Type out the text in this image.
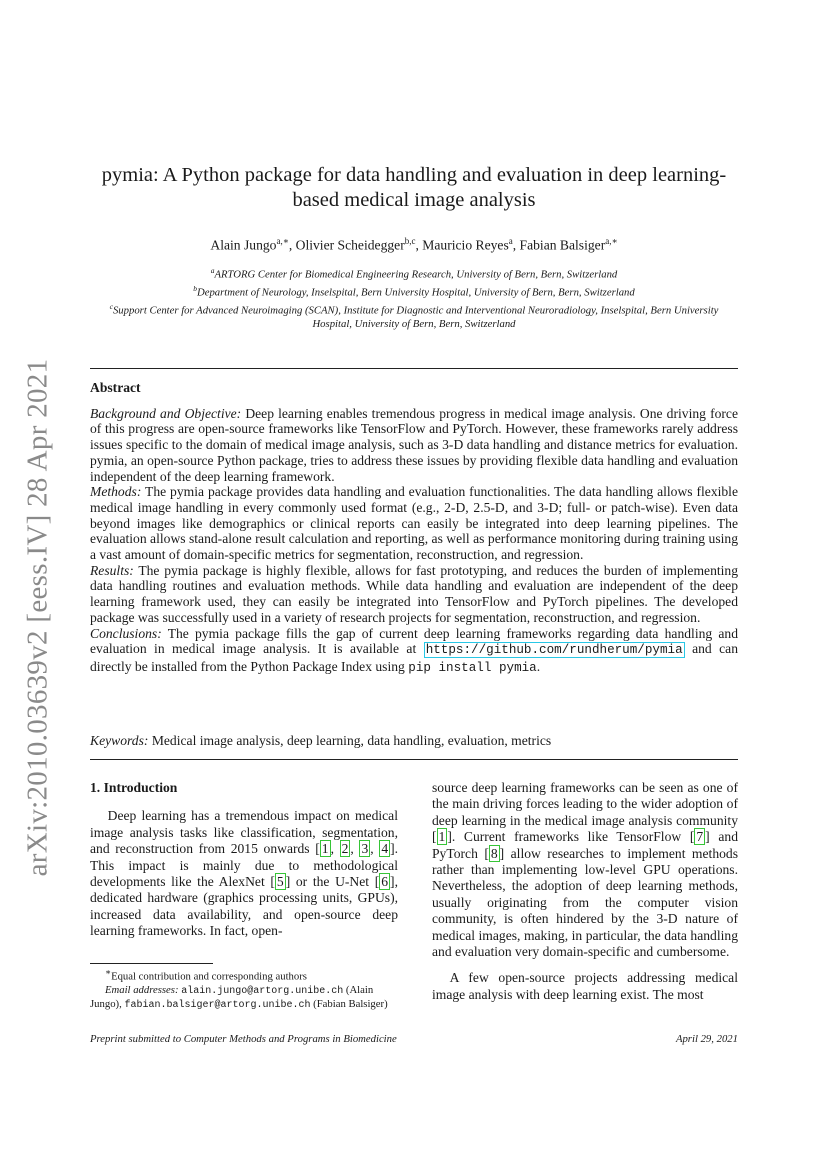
arXiv:2010.03639v2 [eess.IV] 28 Apr 2021
pymia: A Python package for data handling and evaluation in deep learning-based medical image analysis
Alain Jungo$^{a,∗}$, Olivier Scheidegger$^{b,c}$, Mauricio Reyes$^a$, Fabian Balsiger$^{a,∗}$
$^a$ARTORG Center for Biomedical Engineering Research, University of Bern, Bern, Switzerland
$^b$Department of Neurology, Inselspital, Bern University Hospital, University of Bern, Bern, Switzerland
$^c$Support Center for Advanced Neuroimaging (SCAN), Institute for Diagnostic and Interventional Neuroradiology, Inselspital, Bern University Hospital, University of Bern, Bern, Switzerland
Abstract

Background and Objective: Deep learning enables tremendous progress in medical image analysis. One driving force of this progress are open-source frameworks like TensorFlow and PyTorch. However, these frameworks rarely address issues specific to the domain of medical image analysis, such as 3-D data handling and distance metrics for evaluation. pymia, an open-source Python package, tries to address these issues by providing flexible data handling and evaluation independent of the deep learning framework.

Methods: The pymia package provides data handling and evaluation functionalities. The data handling allows flexible medical image handling in every commonly used format (e.g., 2-D, 2.5-D, and 3-D; full- or patch-wise). Even data beyond images like demographics or clinical reports can easily be integrated into deep learning pipelines. The evaluation allows stand-alone result calculation and reporting, as well as performance monitoring during training using a vast amount of domain-specific metrics for segmentation, reconstruction, and regression.

Results: The pymia package is highly flexible, allows for fast prototyping, and reduces the burden of implementing data handling routines and evaluation methods. While data handling and evaluation are independent of the deep learning framework used, they can easily be integrated into TensorFlow and PyTorch pipelines. The developed package was successfully used in a variety of research projects for segmentation, reconstruction, and regression.

Conclusions: The pymia package fills the gap of current deep learning frameworks regarding data handling and evaluation in medical image analysis. It is available at https://github.com/rundherum/pymia and can directly be installed from the Python Package Index using pip install pymia.

Keywords: Medical image analysis, deep learning, data handling, evaluation, metrics
1. Introduction

Deep learning has a tremendous impact on medical image analysis tasks like classification, segmentation, and reconstruction from 2015 onwards [ 1 , 2 , 3 , 4 ]. This impact is mainly due to methodological developments like the AlexNet [ 5 ] or the U-Net [ 6 ], dedicated hardware (graphics processing units, GPUs), increased data availability, and open-source deep learning frameworks. In fact, open-

source deep learning frameworks can be seen as one of the main driving forces leading to the wider adoption of deep learning in the medical image analysis community [ 1 ]. Current frameworks like TensorFlow [ 7 ] and PyTorch [ 8 ] allow researches to implement methods rather than implementing low-level GPU operations. Nevertheless, the adoption of deep learning methods, usually originating from the computer vision community, is often hindered by the 3-D nature of medical images, making, in particular, the data handling and evaluation very domain-specific and cumbersome.

A few open-source projects addressing medical image analysis with deep learning exist. The most

∗Equal contribution and corresponding authors

Email addresses: alain.jungo@artorg.unibe.ch (Alain Jungo), fabian.balsiger@artorg.unibe.ch (Fabian Balsiger)

Preprint submitted to Computer Methods and Programs in Biomedicine	April 29, 2021
